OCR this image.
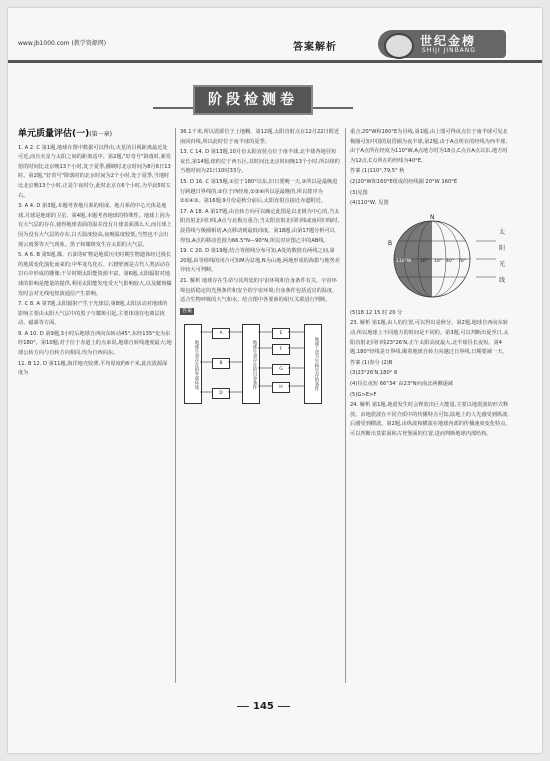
www.jb1000.com (教学资源网)	答案解析	世纪金榜
SHIJI JINBANG
阶段检测卷
单元质量评估(一)(第一章)

1. A 2. C 第1题,地球在图中数据可以得出,火星的目视距离最近处可近,而且火星与太阳之间的距离适中。第2题,"好奇号"降落时,新发射的时间比北京晚13个小时,处于夏季,播映时北京时间为8月6日13时。第2题,"好奇号"降落时的北京时间为2个小时,处于夏季,当地时比北京晚13个小时,正是午夜时分,此时北京在6个小时,为早晨5时左右。

3. A 4. D 第3题,本题考查地月系的组成。地月系的中心天体是地球,月球是地球的卫星。第4题,本题考查地球的特殊性。地球上因为有大气层的存在,使得地球表面的温差没有月球表面那么大,而月球上因为没有大气层的存在,白天温度较高,夜晚温度较低,当然也不会出现云雨雾等天气现象。黑子和耀斑发生在太阳的大气层。

5. A 6. B 第5题,煤、石油等矿物是地质历史时期生物遗体经过漫长的地质变化演化而来的;中华龙鸟化石、石窟壁画是古代人类活动在岩石中形成的雕像;干旱时期太阳能资源丰富。第6题,太阳辐射对地球的影响是能量的提供,利用太阳能发电受天气影响较大,以及耀斑爆发时会对无线电短波通信产生影响。

7. C 8. A 第7题,太阳辐射产生于光球层;第8题,太阳活动对地球的影响主要由太阳大气层中的黑子与耀斑引起,主要体现在电离层扰动、磁暴等方面。

9. A 10. D 第9题,3小时后地球自西向东转动45°,东经135°变为东经180°。第10题,对于位于赤道上的点来说,地球自转线速度最大;地球公转方向与自转方向相同,均为自西向东。

11. B 12. D 第11题,海洋地壳较薄,平均厚度约6千米,此次震源深度为

36.1千米,所以震源位于上地幔。第12题,太阳直射点在12月22日附近南回归线,所以此时位于南半球的夏季。

13. C 14. D 第13题,10月份太阳直射点位于南半球,北半球各地昼短夜长,第14题,纽约位于西五区,其时间比北京时间晚13个小时,所以纽约当地时间为21日10时33分。

15. D 16. C 第15题,①位于180°以东,旧日要晚一天,③所以是最晚进行跨越日界线的,②位于西经度,②③④所以是最晚的,所以排序为②①④③。第16题,9月份是秋分前后,太阳直射点接近赤道附近。

17. A 18. A 第17题,由自转方向可以确定此图是以北极为中心的,当太阳直射北回归线,A点与北极点重合;当太阳直射北回归线或南回归线时,晨昏线与极圈相切,A点移动到最低纬度。第18题,由第17题分析可以得知,A点的移动范围为66.5°N—90°N,所以对应图乙中的AB线。

19. C 20. D 第19题,结合等值线分布可知,A处的数值在两线之间,第20题,由等值线的闭合可知M为盆地,N为山地,两地形成的海拔与地势差异较大可判断。

21. 解析 地球存在生命与其所处的宇宙环境和自身条件有关。宇宙环境包括稳定的光照条件和安全的宇宙环境;自身条件包括适宜的温度、适合生物呼吸的大气和水。结合图中各要素的相互关联进行判断。

答案
地球生命存在的外部环境	地球生命存在的自身条件	地球上适合生物生存的条件
A
B
E
F
G
H
D

重合,20°W和160°E为昼线,第1题,由上图可得该点位于南半球可见北极圈可知中国的晨昏圈为夜半球,第2题,由于A点所在的经线为西半球,由于A点所在经度为110°W,A点地方时为18点,C点在A点以东,地方时为12点,C点所在的经线为40°E。

答案 (1)110°,79,5° 秋

(2)20°W和160°E组成的经线圈 20°W 160°E

(3)见图

(4)110°W, 见图

N
B
110°W 20° 10° 40° 70°
太阳光线

(5)18 12 15 时 20 分

23. 解析 第1题,由人的位置,可以得出是秋分。第2题,地球自西向东转动,所以地球上不同地方的时间是不同的。第3题,可以判断出夏至日,太阳直射北回归线23°26′N,正午太阳高度最大,北半球昼长夜短。第4题,180°经线是日界线,顺着地球自转方向越过日界线,日期要减一天。

答案 (1)春分 (2)B

(3)23°26′N,180° 8

(4)昼长夜短 66°34′ 由23°N向南北两侧递减

(5)G>E>F

24. 解析 第1题,地震发生时会释放出巨大能量,主要以地震波的形式释放。由地震波在不同介质中的传播特点可知,陆地上的人先感受到纵波,后感受到横波。第2题,由纵波和横波在地球内部的传播速度变化特点,可以判断出莫霍面和古登堡面的位置,进而判断地球内部结构。

145
